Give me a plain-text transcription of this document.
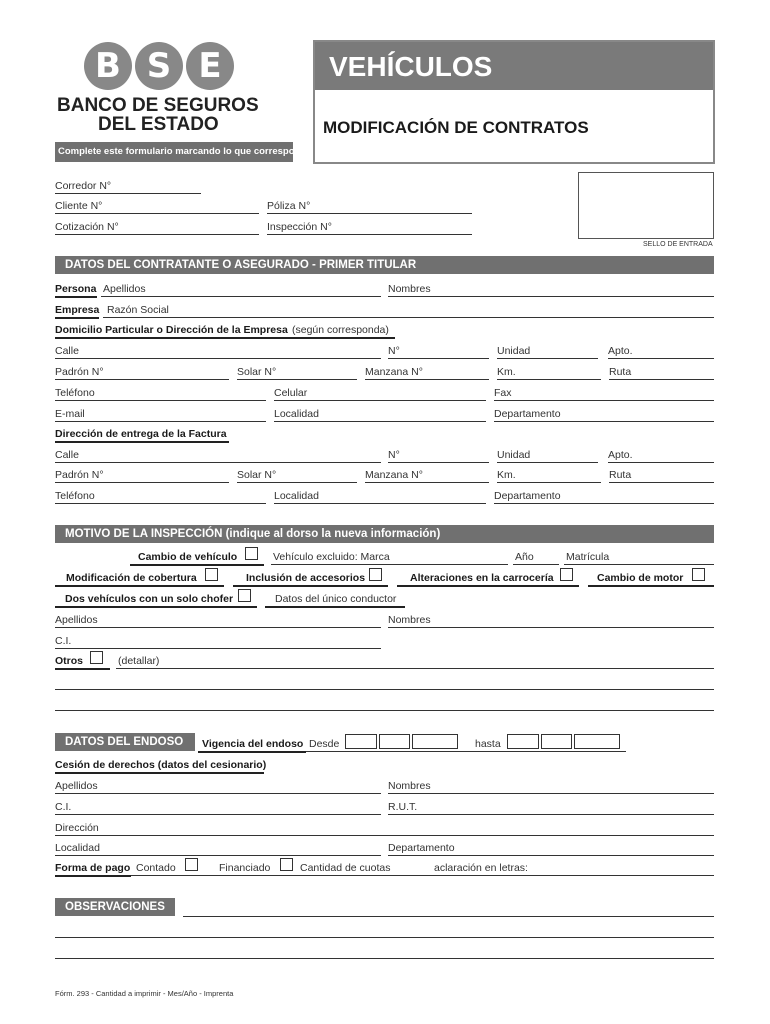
B S E
BANCO DE SEGUROS
DEL ESTADO
Complete este formulario marcando lo que corresponda
VEHÍCULOS
MODIFICACIÓN DE CONTRATOS
Corredor N°
Cliente N°	Póliza N°
Cotización N°	Inspección N°
SELLO DE ENTRADA
DATOS DEL CONTRATANTE O ASEGURADO - PRIMER TITULAR
Persona Apellidos	Nombres
Empresa Razón Social
Domicilio Particular o Dirección de la Empresa (según corresponda)
Calle	N°	Unidad	Apto.
Padrón N°	Solar N°	Manzana N°	Km.	Ruta
Teléfono	Celular	Fax
E-mail	Localidad	Departamento
Dirección de entrega de la Factura
Calle	N°	Unidad	Apto.
Padrón N°	Solar N°	Manzana N°	Km.	Ruta
Teléfono	Localidad	Departamento
MOTIVO DE LA INSPECCIÓN (indique al dorso la nueva información)
Cambio de vehículo	Vehículo excluido: Marca	Año	Matrícula
Modificación de cobertura	Inclusión de accesorios	Alteraciones en la carrocería	Cambio de motor
Dos vehículos con un solo chofer	Datos del único conductor
Apellidos	Nombres
C.I.
Otros	(detallar)
DATOS DEL ENDOSO	Vigencia del endoso Desde	hasta
Cesión de derechos (datos del cesionario)
Apellidos	Nombres
C.I.	R.U.T.
Dirección
Localidad	Departamento
Forma de pago Contado	Financiado	Cantidad de cuotas	aclaración en letras:
OBSERVACIONES
Fórm. 293 - Cantidad a imprimir - Mes/Año - Imprenta
